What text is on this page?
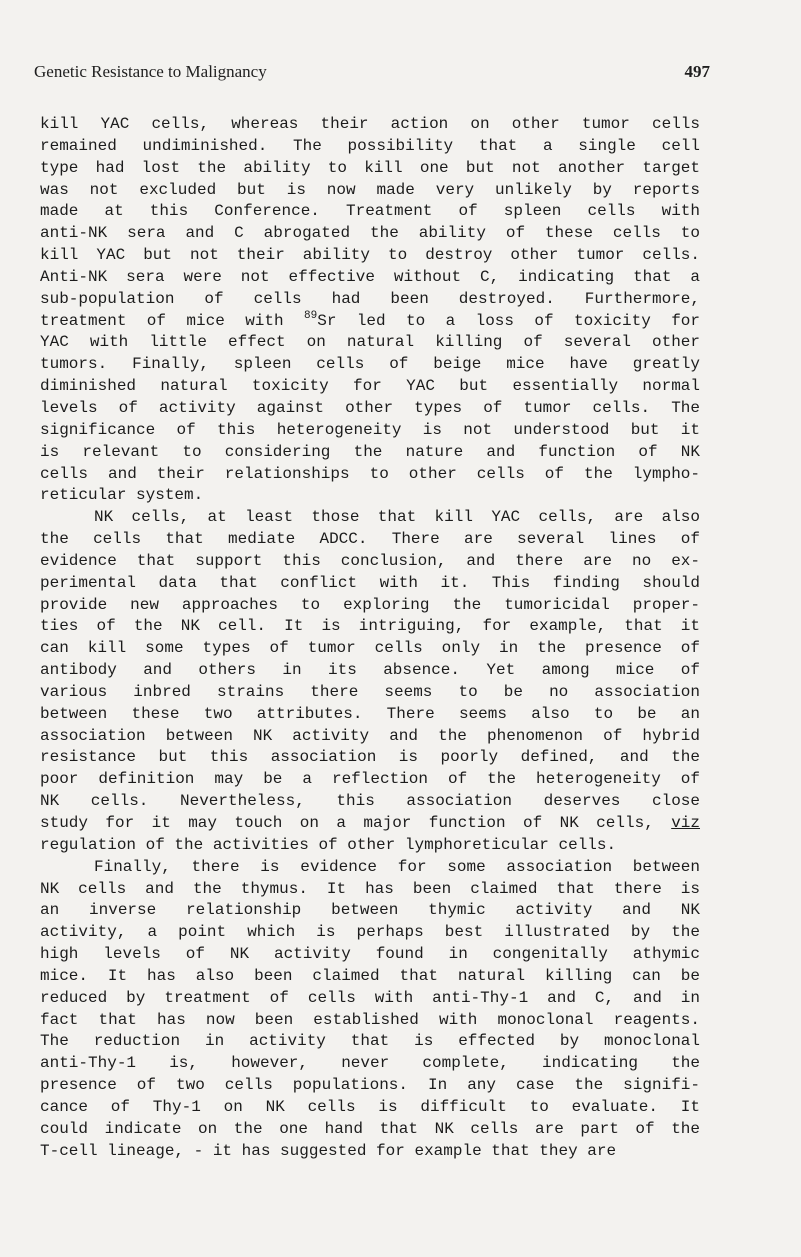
Genetic Resistance to Malignancy	497
kill YAC cells, whereas their action on other tumor cells
remained undiminished. The possibility that a single cell
type had lost the ability to kill one but not another target
was not excluded but is now made very unlikely by reports
made at this Conference. Treatment of spleen cells with
anti-NK sera and C abrogated the ability of these cells to
kill YAC but not their ability to destroy other tumor cells.
Anti-NK sera were not effective without C, indicating that a
sub-population of cells had been destroyed. Furthermore,
treatment of mice with $^{89}$Sr led to a loss of toxicity for
YAC with little effect on natural killing of several other
tumors. Finally, spleen cells of beige mice have greatly
diminished natural toxicity for YAC but essentially normal
levels of activity against other types of tumor cells. The
significance of this heterogeneity is not understood but it
is relevant to considering the nature and function of NK
cells and their relationships to other cells of the lympho-
reticular system.
NK cells, at least those that kill YAC cells, are also
the cells that mediate ADCC. There are several lines of
evidence that support this conclusion, and there are no ex-
perimental data that conflict with it. This finding should
provide new approaches to exploring the tumoricidal proper-
ties of the NK cell. It is intriguing, for example, that it
can kill some types of tumor cells only in the presence of
antibody and others in its absence. Yet among mice of
various inbred strains there seems to be no association
between these two attributes. There seems also to be an
association between NK activity and the phenomenon of hybrid
resistance but this association is poorly defined, and the
poor definition may be a reflection of the heterogeneity of
NK cells. Nevertheless, this association deserves close
study for it may touch on a major function of NK cells, viz
regulation of the activities of other lymphoreticular cells.
Finally, there is evidence for some association between
NK cells and the thymus. It has been claimed that there is
an inverse relationship between thymic activity and NK
activity, a point which is perhaps best illustrated by the
high levels of NK activity found in congenitally athymic
mice. It has also been claimed that natural killing can be
reduced by treatment of cells with anti-Thy-1 and C, and in
fact that has now been established with monoclonal reagents.
The reduction in activity that is effected by monoclonal
anti-Thy-1 is, however, never complete, indicating the
presence of two cells populations. In any case the signifi-
cance of Thy-1 on NK cells is difficult to evaluate. It
could indicate on the one hand that NK cells are part of the
T-cell lineage, - it has suggested for example that they are
